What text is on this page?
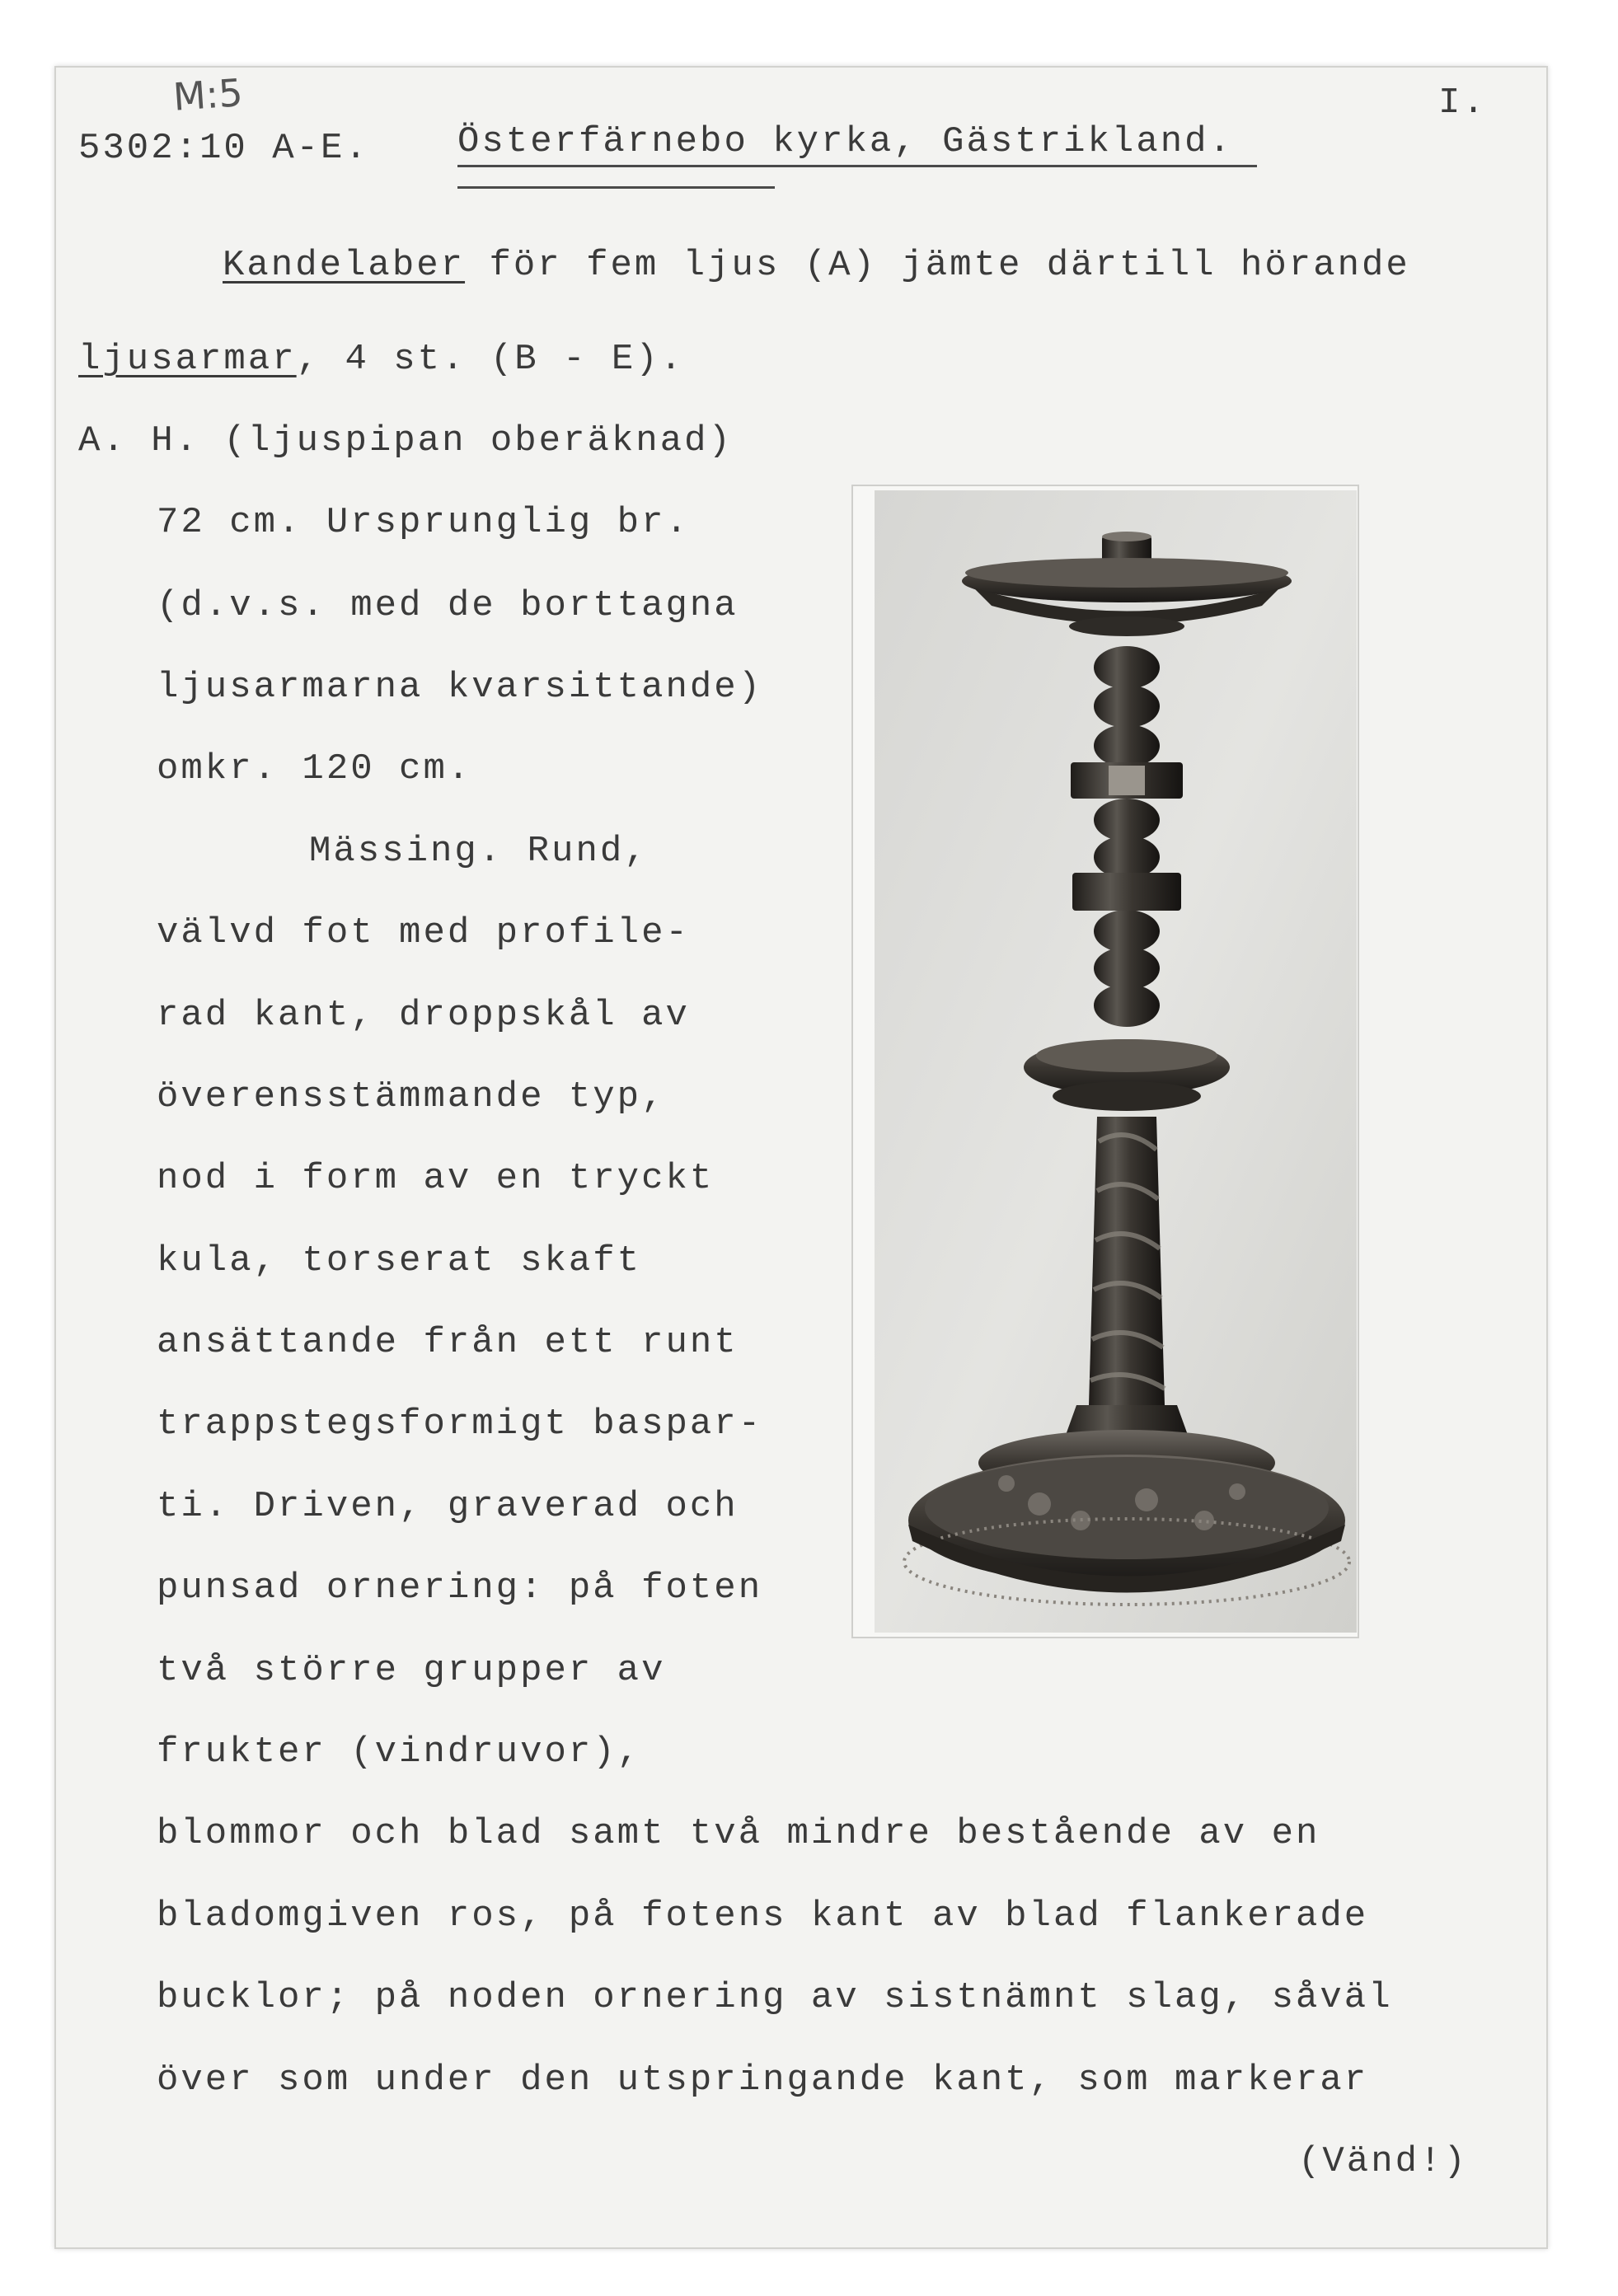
M:5
5302:10 A-E. Österfärnebo kyrka, Gästrikland.
I.
Kandelaber för fem ljus (A) jämte därtill hörande
ljusarmar, 4 st. (B - E).
A. H. (ljuspipan oberäknad)
72 cm. Ursprunglig br.
(d.v.s. med de borttagna
ljusarmarna kvarsittande)
omkr. 120 cm.
Mässing. Rund,
välvd fot med profile-
rad kant, droppskål av
överensstämmande typ,
nod i form av en tryckt
kula, torserat skaft
ansättande från ett runt
trappstegsformigt baspar-
ti. Driven, graverad och
punsad ornering: på foten
två större grupper av
frukter (vindruvor),
blommor och blad samt två mindre bestående av en
bladomgiven ros, på fotens kant av blad flankerade
bucklor; på noden ornering av sistnämnt slag, såväl
över som under den utspringande kant, som markerar
(Vänd!)
